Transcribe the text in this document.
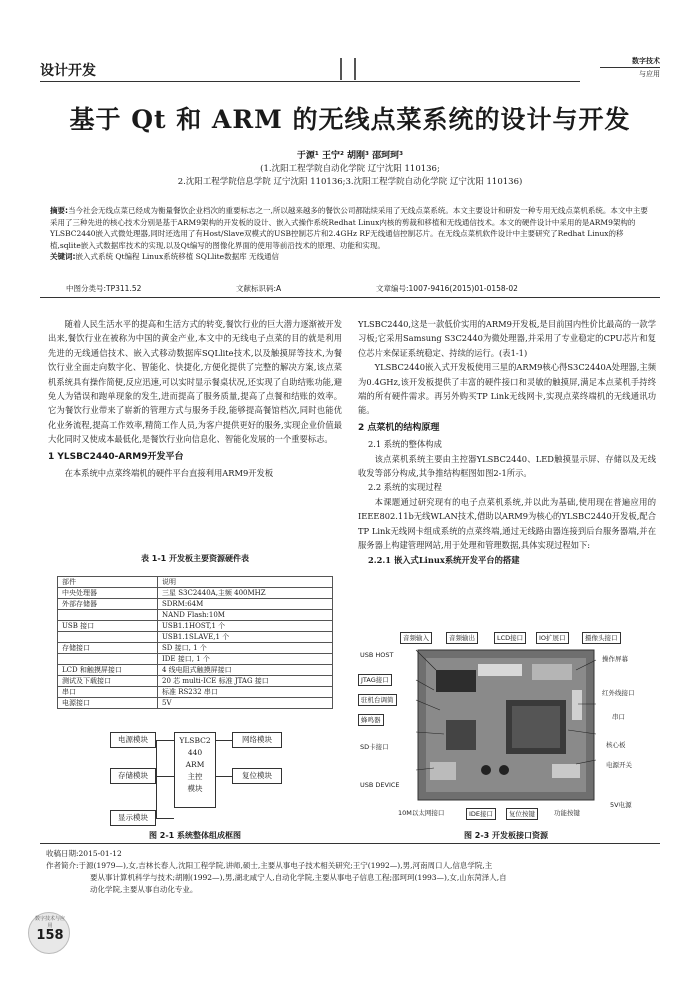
设计开发
数字技术
与应用
基于 Qt 和 ARM 的无线点菜系统的设计与开发
于源¹ 王宁² 胡刚³ 邵珂珂³
(1.沈阳工程学院自动化学院 辽宁沈阳 110136;
2.沈阳工程学院信息学院 辽宁沈阳 110136;3.沈阳工程学院自动化学院 辽宁沈阳 110136)
摘要:当今社会无线点菜已经成为衡量餐饮企业档次的重要标志之一,所以越来越多的餐饮公司都陆续采用了无线点菜系统。本文主要设计和研发一种专用无线点菜机系统。本文中主要采用了三种先进的核心技术分别是基于ARM9架构的开发板的设计、嵌入式操作系统Redhat Linux内核的剪裁和移植和无线通信技术。本文的硬件设计中采用的是ARM9架构的YLSBC2440嵌入式微处理器,同时还选用了有Host/Slave双模式的USB控制芯片和2.4GHz RF无线通信控制芯片。在无线点菜机软件设计中主要研究了Redhat Linux的移植,sqlite嵌入式数据库技术的实现,以及Qt编写的图像化界面的使用等前沿技术的原理、功能和实现。
关键词:嵌入式系统 Qt编程 Linux系统移植 SQLlite数据库 无线通信
中图分类号:TP311.52	文献标识码:A	文章编号:1007-9416(2015)01-0158-02

随着人民生活水平的提高和生活方式的转变,餐饮行业的巨大潜力逐渐被开发出来,餐饮行业在被称为中国的黄金产业,本文中的无线电子点菜的目的就是利用先进的无线通信技术、嵌入式移动数据库SQLlite技术,以及触摸屏等技术,为餐饮行业全面走向数字化、智能化、快捷化,方便化提供了完整的解决方案,该点菜机系统具有操作简便,反应迅速,可以实时显示餐桌状况,还实现了自助结账功能,避免人为错误和跑单现象的发生,进而提高了服务质量,提高了点餐和结账的效率。它为餐饮行业带来了崭新的管理方式与服务手段,能够提高餐馆档次,同时也能优化业务流程,提高工作效率,精简工作人员,为客户提供更好的服务,实现企业价值最大化同时又使成本最低化,是餐饮行业向信息化、智能化发展的一个重要标志。

1 YLSBC2440-ARM9开发平台

在本系统中点菜终端机的硬件平台直接利用ARM9开发板

表 1-1 开发板主要资源硬件表
部件	说明
中央处理器	三星 S3C2440A,主频 400MHZ
外部存储器	SDRM:64M
	NAND Flash:10M
USB 接口	USB1.1HOST,1 个
	USB1.1SLAVE,1 个
存储接口	SD 接口, 1 个
	IDE 接口, 1 个
LCD 和触摸屏接口	4 线电阻式触摸屏接口
测试及下载接口	20 芯 multi-ICE 标准 JTAG 接口
串口	标准 RS232 串口
电源接口	5V
电源模块
存储模块
显示模块
YLSBC2
440
ARM
主控
模块
网络模块
复位模块
图 2-1 系统整体组成框图

YLSBC2440,这是一款低价实用的ARM9开发板,是目前国内性价比最高的一款学习板;它采用Samsung S3C2440为微处理器,并采用了专业稳定的CPU芯片和复位芯片来保证系统稳定、持续的运行。(表1-1)

YLSBC2440嵌入式开发板使用三星的ARM9核心得S3C2440A处理器,主频为0.4GHz,该开发板提供了丰富的硬件接口和灵敏的触摸屏,满足本点菜机手持终端的所有硬件需求。再另外购买TP Link无线网卡,实现点菜终端机的无线通讯功能。

2 点菜机的结构原理

2.1 系统的整体构成

该点菜机系统主要由主控器YLSBC2440、LED触摸显示屏、存储以及无线收发等部分构成,其争推结构框图如图2-1所示。

2.2 系统的实现过程

本课题通过研究现有的电子点菜机系统,并以此为基础,使用现在普遍应用的IEEE802.11b无线WLAN技术,借助以ARM9为核心的YLSBC2440开发板,配合TP Link无线网卡组成系统的点菜终端,通过无线路由器连接到后台服务器端,并在服务器上构建管理网站,用于处理和管理数据,具体实现过程如下:

2.2.1 嵌入式Linux系统开发平台的搭建

音频输入	音频输出	LCD接口	IO扩展口	摄像头接口
USB HOST
JTAG接口
驻机台调简
蜂鸣器
SD卡接口
USB DEVICE
操作屏幕
红外线接口
串口
核心板
电源开关
5V电源
10M以太网接口	IDE接口	复位按键	功能按键
图 2-3 开发板接口资源
收稿日期:2015-01-12
作者简介:于源(1979—),女,吉林长春人,沈阳工程学院,讲师,硕士,主要从事电子技术相关研究;王宁(1992—),男,河南周口人,信息学院,主
要从事计算机科学与技术;胡刚(1992—),男,湖北咸宁人,自动化学院,主要从事电子信息工程;邵珂珂(1993—),女,山东菏泽人,自
动化学院,主要从事自动化专业。
数字技术与应用
158
